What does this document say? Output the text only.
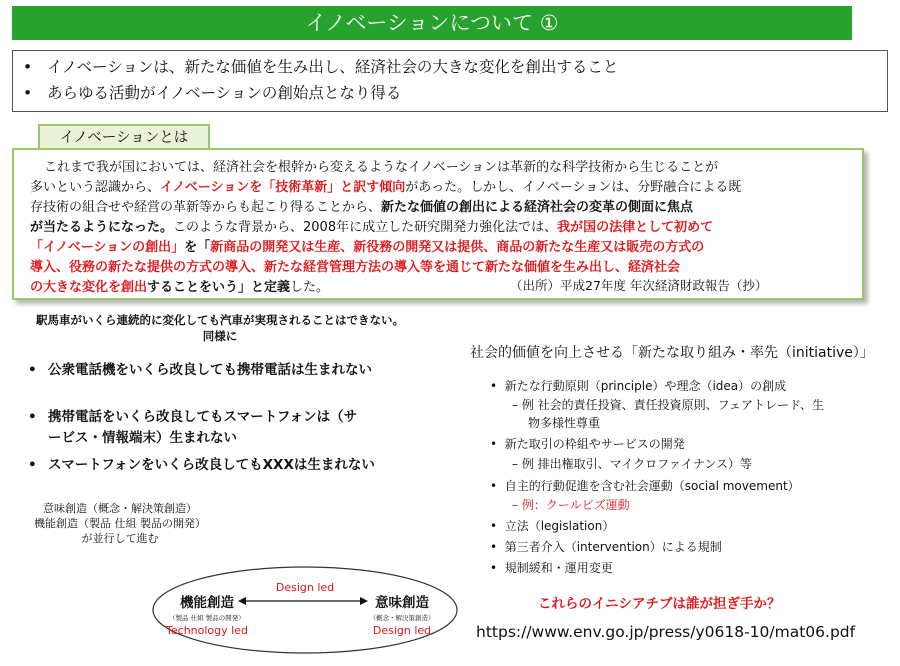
イノベーションについて ①
• イノベーションは、新たな価値を生み出し、経済社会の大きな変化を創出すること
• あらゆる活動がイノベーションの創始点となり得る
イノベーションとは
これまで我が国においては、経済社会を根幹から変えるようなイノベーションは革新的な科学技術から生じることが
多いという認識から、イノベーションを「技術革新」と訳す傾向があった。しかし、イノベーションは、分野融合による既
存技術の組合せや経営の革新等からも起こり得ることから、新たな価値の創出による経済社会の変革の側面に焦点
が当たるようになった。このような背景から、2008年に成立した研究開発力強化法では、我が国の法律として初めて
「イノベーションの創出」を「新商品の開発又は生産、新役務の開発又は提供、商品の新たな生産又は販売の方式の
導入、役務の新たな提供の方式の導入、新たな経営管理方法の導入等を通じて新たな価値を生み出し、経済社会
の大きな変化を創出することをいう」と定義した。	（出所）平成27年度 年次経済財政報告（抄）
駅馬車がいくら連続的に変化しても汽車が実現されることはできない。
同様に
• 公衆電話機をいくら改良しても携帯電話は生まれない
• 携帯電話をいくら改良してもスマートフォンは（サービス・情報端末）生まれない
• スマートフォンをいくら改良してもXXXは生まれない
意味創造（概念・解決策創造）
機能創造（製品 仕組 製品の開発）
が並行して進む
Design led
機能創造
（製品 仕組 製品の開発）
Technology led
意味創造
（概念・解決策創造）
Design led
社会的価値を向上させる「新たな取り組み・率先（initiative）」
• 新たな行動原則（principle）や理念（idea）の創成
– 例 社会的責任投資、責任投資原則、フェアトレード、生
物多様性尊重
• 新た取引の枠組やサービスの開発
– 例 排出権取引、マイクロファイナンス）等
• 自主的行動促進を含む社会運動（social movement）
– 例：クールビズ運動
• 立法（legislation）
• 第三者介入（intervention）による規制
• 規制緩和・運用変更
これらのイニシアチブは誰が担ぎ手か？
https://www.env.go.jp/press/y0618-10/mat06.pdf
